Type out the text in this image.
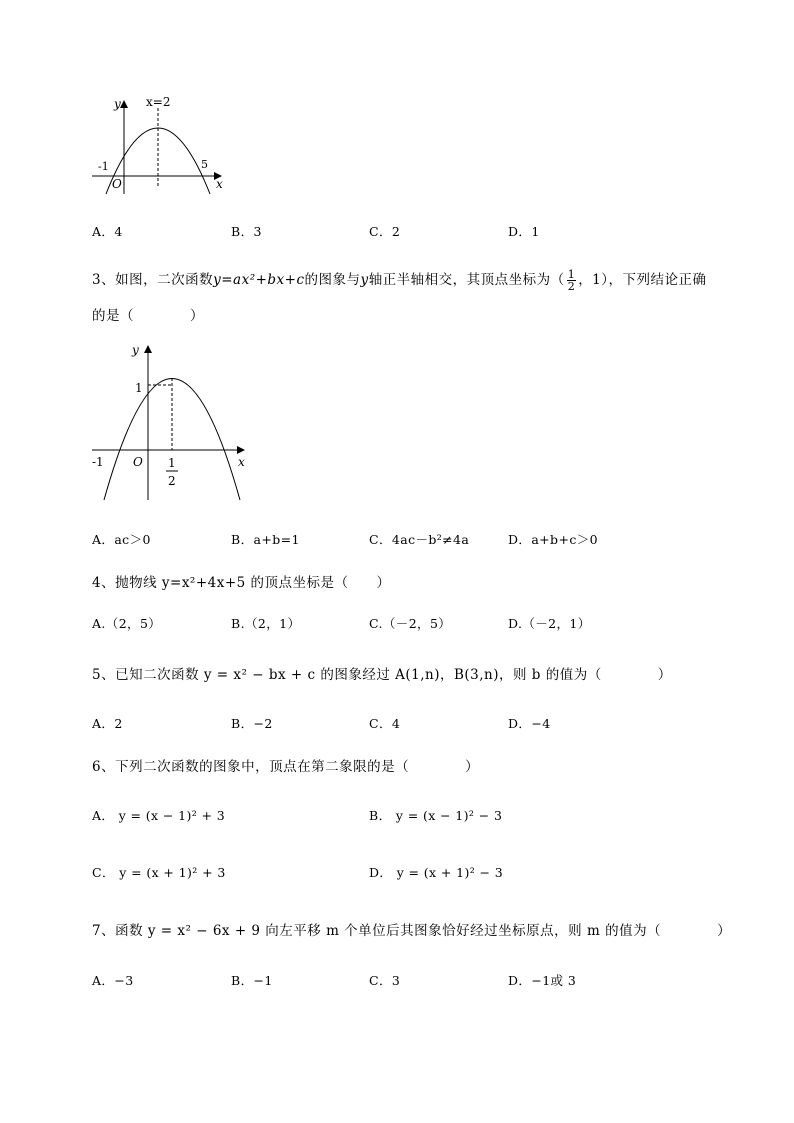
y
x
O
x=2
-1	5
A．4	B．3	C．2	D．1
3、如图，二次函数y=ax²+bx+c的图象与y轴正半轴相交，其顶点坐标为（ $\frac{1}{2}$ ，1），下列结论正确
的是（　　　　）
y
x
O
1
-1	1
2
A．ac＞0	B．a+b=1	C．4ac－b²≠4a	D．a+b+c＞0
4、抛物线 y=x²+4x+5 的顶点坐标是（　　）
A.（2，5）	B.（2，1）	C.（－2，5）	D.（－2，1）
5、已知二次函数 y = x² − bx + c 的图象经过 A(1,n)，B(3,n)，则 b 的值为（　　　　）
A．2	B．−2	C．4	D．−4
6、下列二次函数的图象中，顶点在第二象限的是（　　　　）
A． y = (x − 1)² + 3	B． y = (x − 1)² − 3
C． y = (x + 1)² + 3	D． y = (x + 1)² − 3
7、函数 y = x² − 6x + 9 向左平移 m 个单位后其图象恰好经过坐标原点，则 m 的值为（　　　　）
A．−3	B．−1	C．3	D．−1或 3
